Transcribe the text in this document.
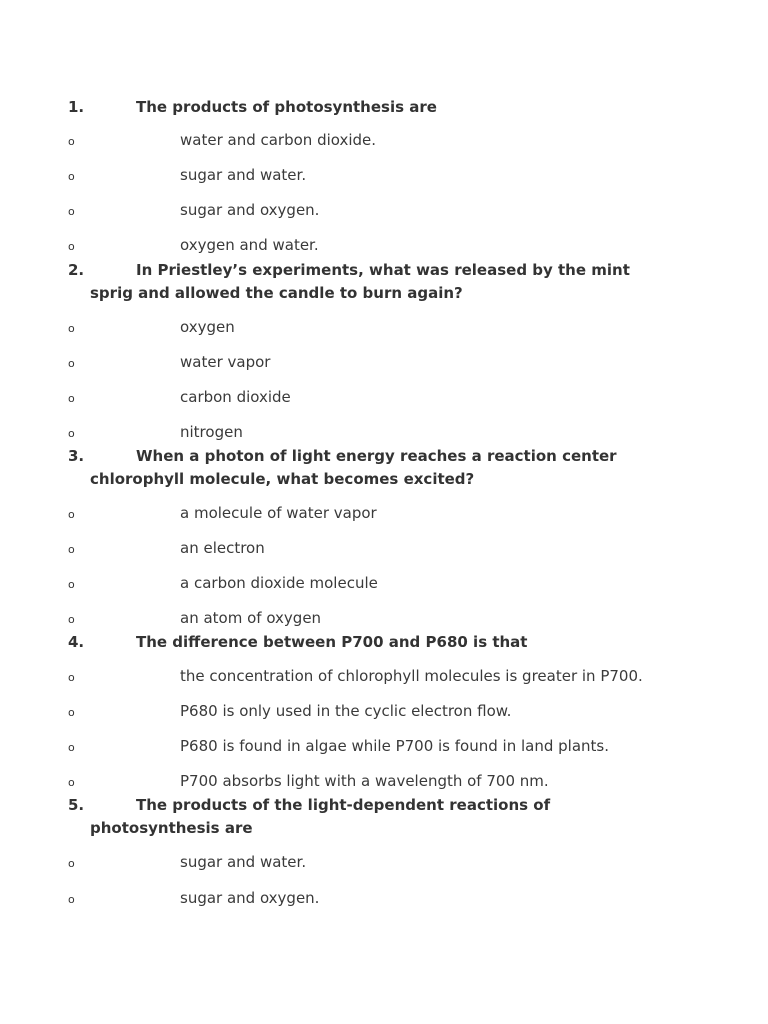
1.	The products of photosynthesis are
o	water and carbon dioxide.
o	sugar and water.
o	sugar and oxygen.
o	oxygen and water.
2.	In Priestley’s experiments, what was released by the mint
sprig and allowed the candle to burn again?
o	oxygen
o	water vapor
o	carbon dioxide
o	nitrogen
3.	When a photon of light energy reaches a reaction center
chlorophyll molecule, what becomes excited?
o	a molecule of water vapor
o	an electron
o	a carbon dioxide molecule
o	an atom of oxygen
4.	The difference between P700 and P680 is that
o	the concentration of chlorophyll molecules is greater in P700.
o	P680 is only used in the cyclic electron flow.
o	P680 is found in algae while P700 is found in land plants.
o	P700 absorbs light with a wavelength of 700 nm.
5.	The products of the light-dependent reactions of
photosynthesis are
o	sugar and water.
o	sugar and oxygen.
